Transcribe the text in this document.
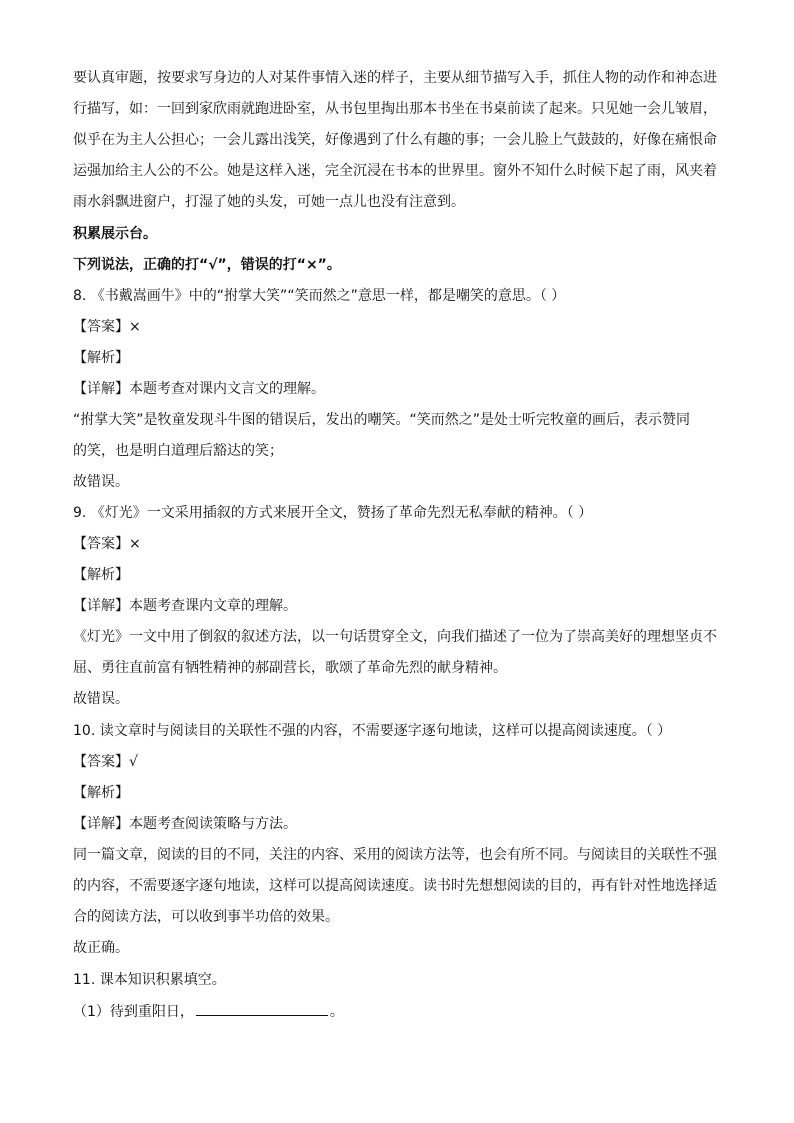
要认真审题，按要求写身边的人对某件事情入迷的样子，主要从细节描写入手，抓住人物的动作和神态进

行描写，如：一回到家欣雨就跑进卧室，从书包里掏出那本书坐在书桌前读了起来。只见她一会儿皱眉，

似乎在为主人公担心；一会儿露出浅笑，好像遇到了什么有趣的事；一会儿脸上气鼓鼓的，好像在痛恨命

运强加给主人公的不公。她是这样入迷，完全沉浸在书本的世界里。窗外不知什么时候下起了雨，风夹着

雨水斜飘进窗户，打湿了她的头发，可她一点儿也没有注意到。

积累展示台。

下列说法，正确的打“√”，错误的打“×”。

8. 《书戴嵩画牛》中的“拊掌大笑”“笑而然之”意思一样，都是嘲笑的意思。（ ）

【答案】×

【解析】

【详解】本题考查对课内文言文的理解。

“拊掌大笑”是牧童发现斗牛图的错误后，发出的嘲笑。“笑而然之”是处士听完牧童的画后，表示赞同

的笑，也是明白道理后豁达的笑；

故错误。

9. 《灯光》一文采用插叙的方式来展开全文，赞扬了革命先烈无私奉献的精神。（ ）

【答案】×

【解析】

【详解】本题考查课内文章的理解。

《灯光》一文中用了倒叙的叙述方法，以一句话贯穿全文，向我们描述了一位为了崇高美好的理想坚贞不

屈、勇往直前富有牺牲精神的郝副营长，歌颂了革命先烈的献身精神。

故错误。

10. 读文章时与阅读目的关联性不强的内容，不需要逐字逐句地读，这样可以提高阅读速度。（ ）

【答案】√

【解析】

【详解】本题考查阅读策略与方法。

同一篇文章，阅读的目的不同，关注的内容、采用的阅读方法等，也会有所不同。与阅读目的关联性不强

的内容，不需要逐字逐句地读，这样可以提高阅读速度。读书时先想想阅读的目的，再有针对性地选择适

合的阅读方法，可以收到事半功倍的效果。

故正确。

11. 课本知识积累填空。

（1）待到重阳日，	。
